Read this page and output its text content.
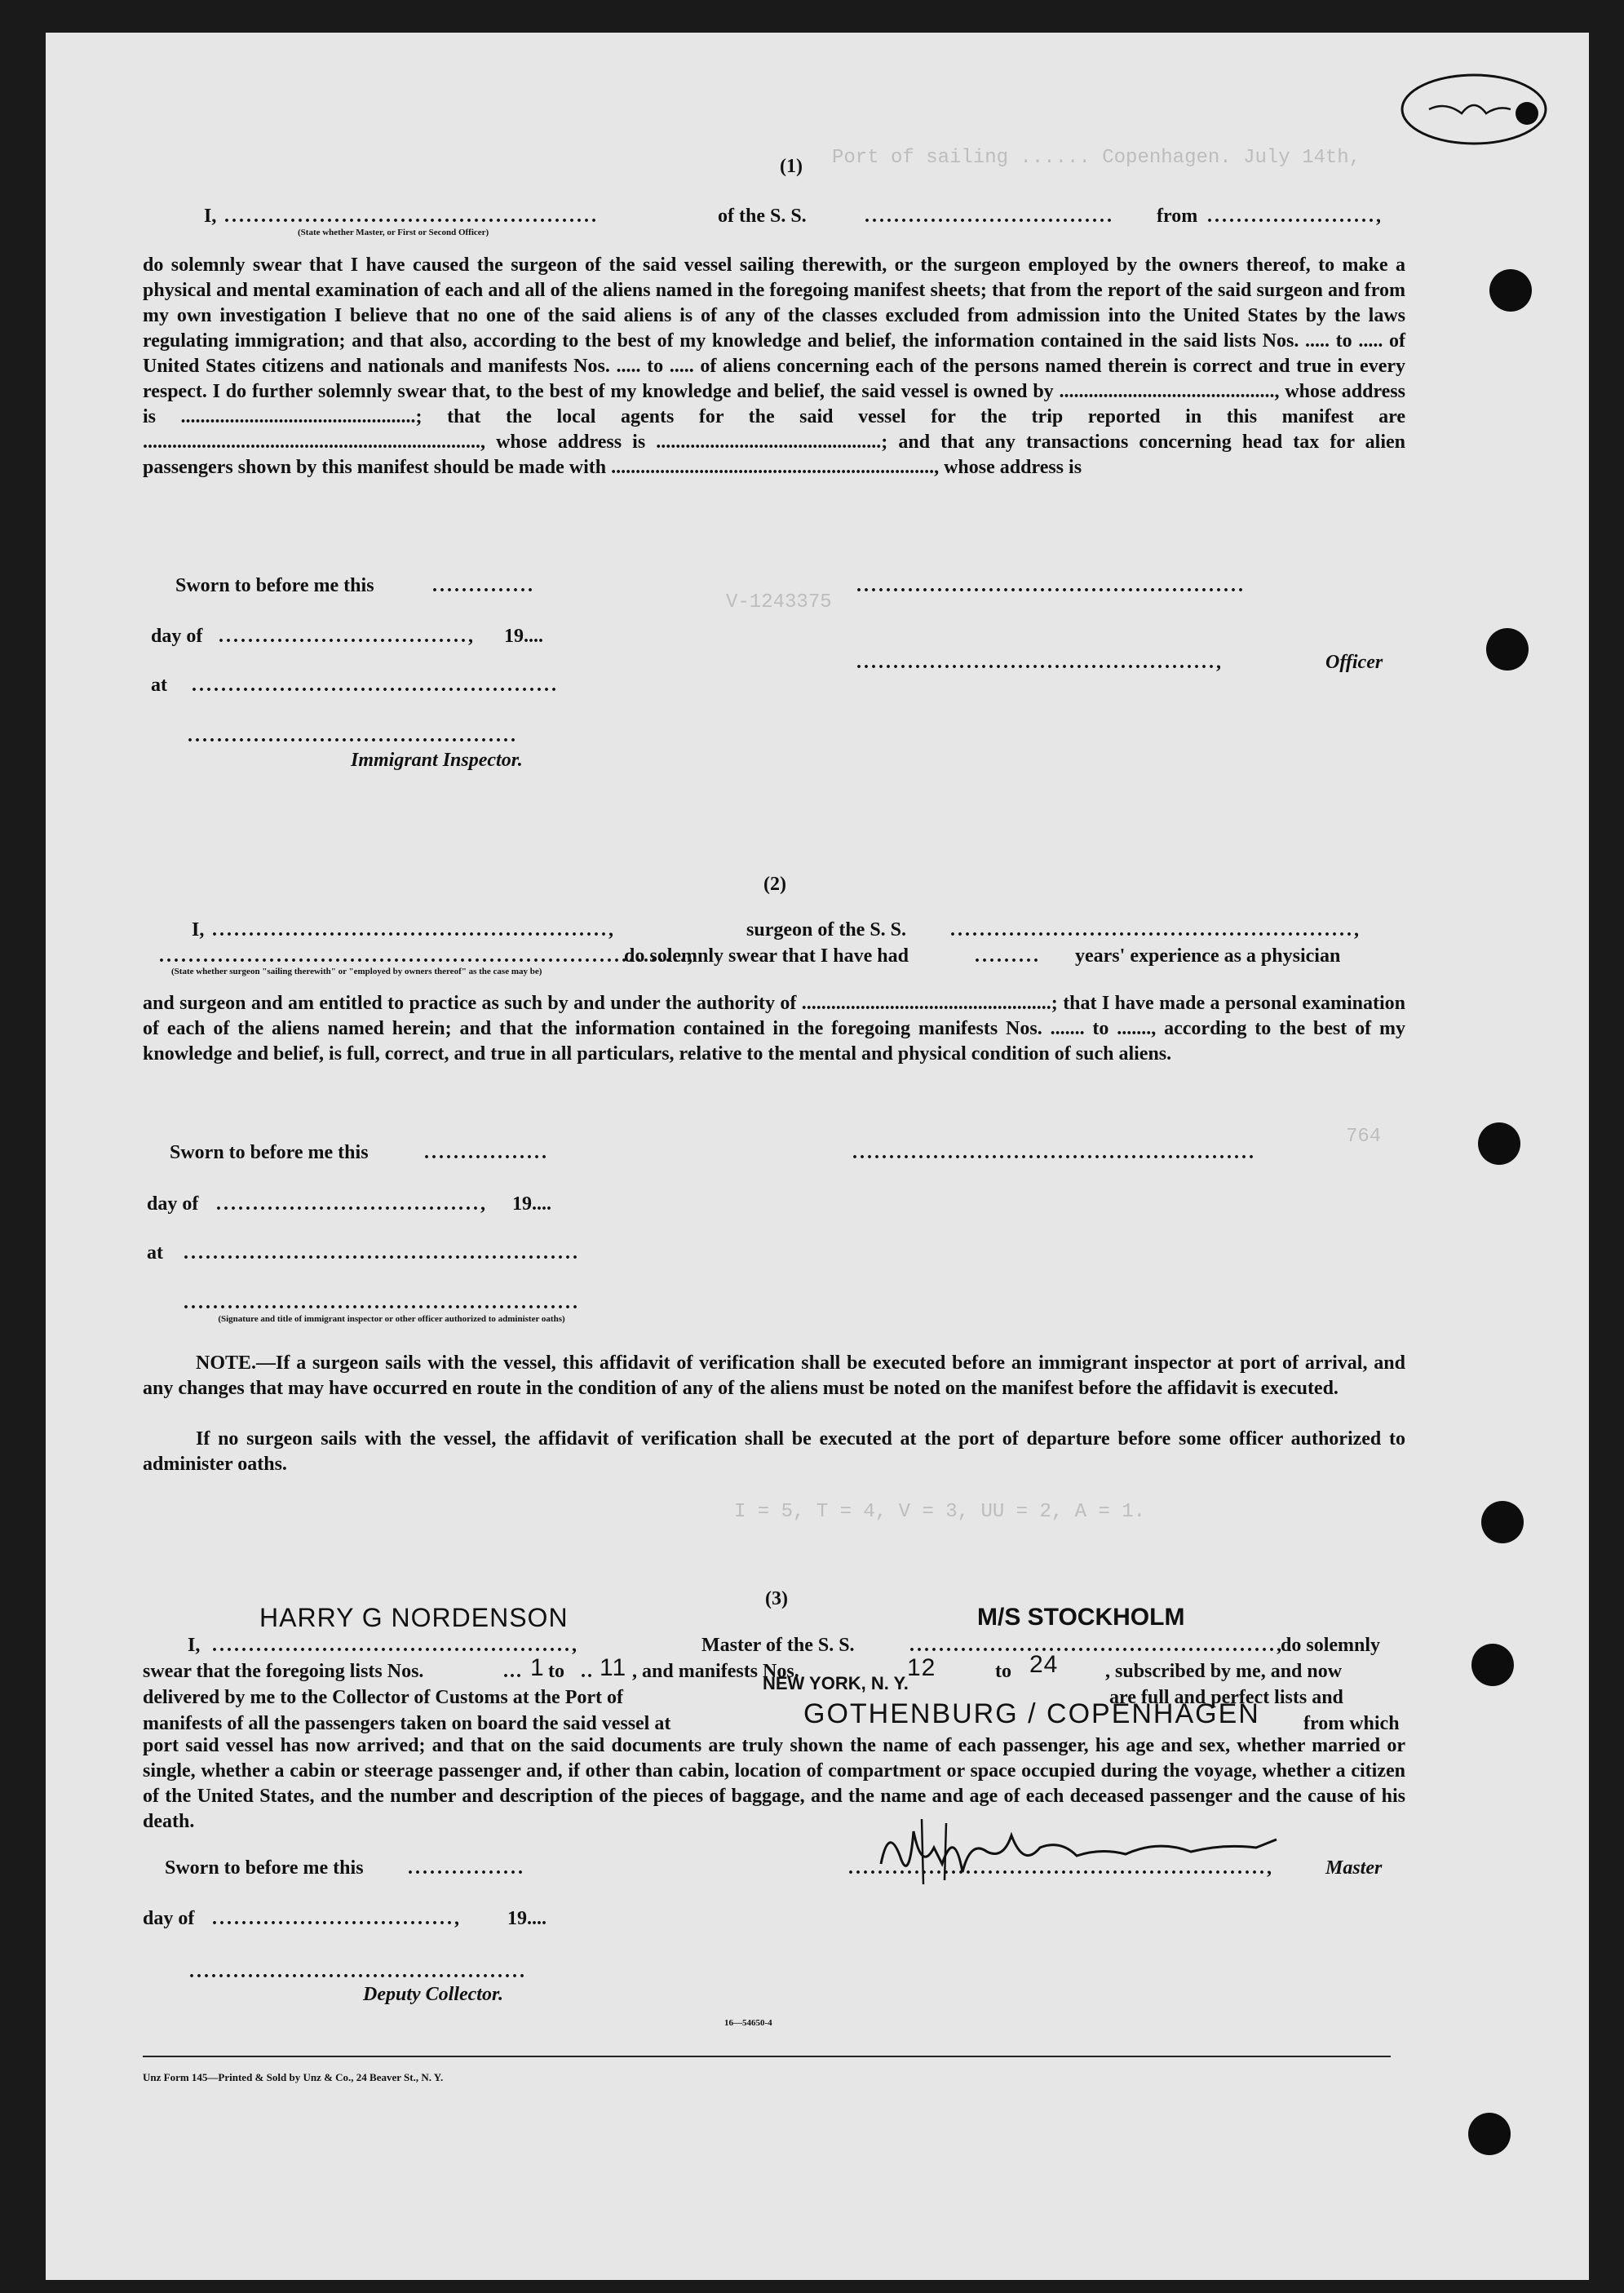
(1)
I, ...................................................	of the S. S.	.................................. from .......................,
(State whether Master, or First or Second Officer)
do solemnly swear that I have caused the surgeon of the said vessel sailing therewith, or the surgeon employed by the owners thereof, to make a physical and mental examination of each and all of the aliens named in the foregoing manifest sheets; that from the report of the said surgeon and from my own investigation I believe that no one of the said aliens is of any of the classes excluded from admission into the United States by the laws regulating immigration; and that also, according to the best of my knowledge and belief, the information contained in the said lists Nos. ..... to ..... of United States citizens and nationals and manifests Nos. ..... to ..... of aliens concerning each of the persons named therein is correct and true in every respect. I do further solemnly swear that, to the best of my knowledge and belief, the said vessel is owned by ............................................, whose address is ................................................; that the local agents for the said vessel for the trip reported in this manifest are ....................................................................., whose address is ..............................................; and that any transactions concerning head tax for alien passengers shown by this manifest should be made with .................................................................., whose address is
Sworn to before me this	..............	.....................................................
day of .................................., 19....
.................................................,	Officer
at ..................................................
.............................................
Immigrant Inspector.
(2)
I, ......................................................,	surgeon of the S. S. .......................................................,
........................................................................,
do solemnly swear that I have had	......... years' experience as a physician
(State whether surgeon "sailing therewith" or "employed by owners thereof" as the case may be)
and surgeon and am entitled to practice as such by and under the authority of ...................................................; that I have made a personal examination of each of the aliens named herein; and that the information contained in the foregoing manifests Nos. ....... to ......., according to the best of my knowledge and belief, is full, correct, and true in all particulars, relative to the mental and physical condition of such aliens.
Sworn to before me this	.................	.......................................................
day of ...................................., 19....
at ......................................................
......................................................
(Signature and title of immigrant inspector or other officer authorized to administer oaths)
NOTE.—If a surgeon sails with the vessel, this affidavit of verification shall be executed before an immigrant inspector at port of arrival, and any changes that may have occurred en route in the condition of any of the aliens must be noted on the manifest before the affidavit is executed.
If no surgeon sails with the vessel, the affidavit of verification shall be executed at the port of departure before some officer authorized to administer oaths.
Port of sailing ...... Copenhagen. July 14th,
V-1243375
764
I = 5, T = 4, V = 3, UU = 2, A = 1.
(3)
HARRY G NORDENSON	M/S STOCKHOLM
I, .................................................,	Master of the S. S.	..................................................,
do solemnly
swear that the foregoing lists Nos.	... 1 to .. 11 , and manifests Nos.	12	to 24 , subscribed by me, and now
delivered by me to the Collector of Customs at the Port of
NEW YORK, N. Y.
are full and perfect lists and
manifests of all the passengers taken on board the said vessel at	GOTHENBURG / COPENHAGEN from which
port said vessel has now arrived; and that on the said documents are truly shown the name of each passenger, his age and sex, whether married or single, whether a cabin or steerage passenger and, if other than cabin, location of compartment or space occupied during the voyage, whether a citizen of the United States, and the number and description of the pieces of baggage, and the name and age of each deceased passenger and the cause of his death.
Sworn to before me this ................	.........................................................,	Master
day of ................................., 19....
..............................................
Deputy Collector.
16—54650-4
Unz Form 145—Printed & Sold by Unz & Co., 24 Beaver St., N. Y.
